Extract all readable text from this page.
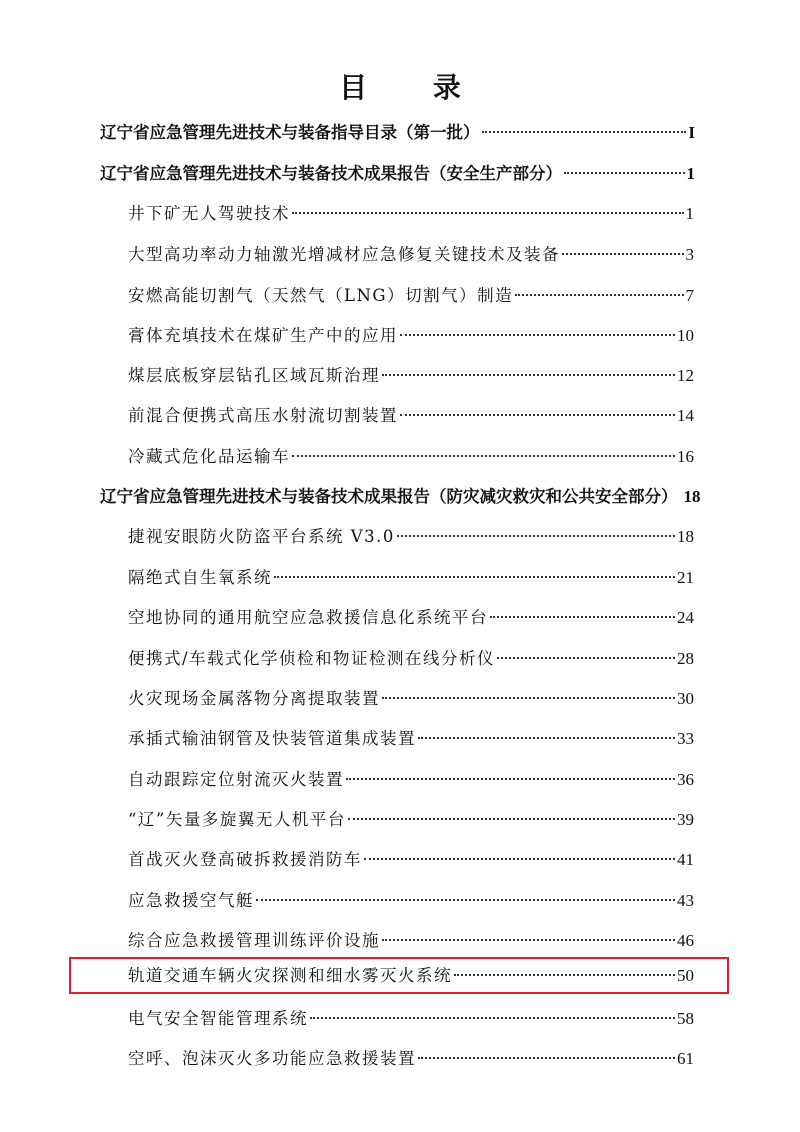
目 录
辽宁省应急管理先进技术与装备指导目录（第一批）	I
辽宁省应急管理先进技术与装备技术成果报告（安全生产部分）	1
井下矿无人驾驶技术	1
大型高功率动力轴激光增减材应急修复关键技术及装备	3
安燃高能切割气（天然气（LNG）切割气）制造	7
膏体充填技术在煤矿生产中的应用	10
煤层底板穿层钻孔区域瓦斯治理	12
前混合便携式高压水射流切割装置	14
冷藏式危化品运输车	16
辽宁省应急管理先进技术与装备技术成果报告（防灾减灾救灾和公共安全部分） 18
捷视安眼防火防盗平台系统 V3.0	18
隔绝式自生氧系统	21
空地协同的通用航空应急救援信息化系统平台	24
便携式/车载式化学侦检和物证检测在线分析仪	28
火灾现场金属落物分离提取装置	30
承插式输油钢管及快装管道集成装置	33
自动跟踪定位射流灭火装置	36
“辽”矢量多旋翼无人机平台	39
首战灭火登高破拆救援消防车	41
应急救援空气艇	43
综合应急救援管理训练评价设施	46
轨道交通车辆火灾探测和细水雾灭火系统	50
电气安全智能管理系统	58
空呼、泡沫灭火多功能应急救援装置	61
